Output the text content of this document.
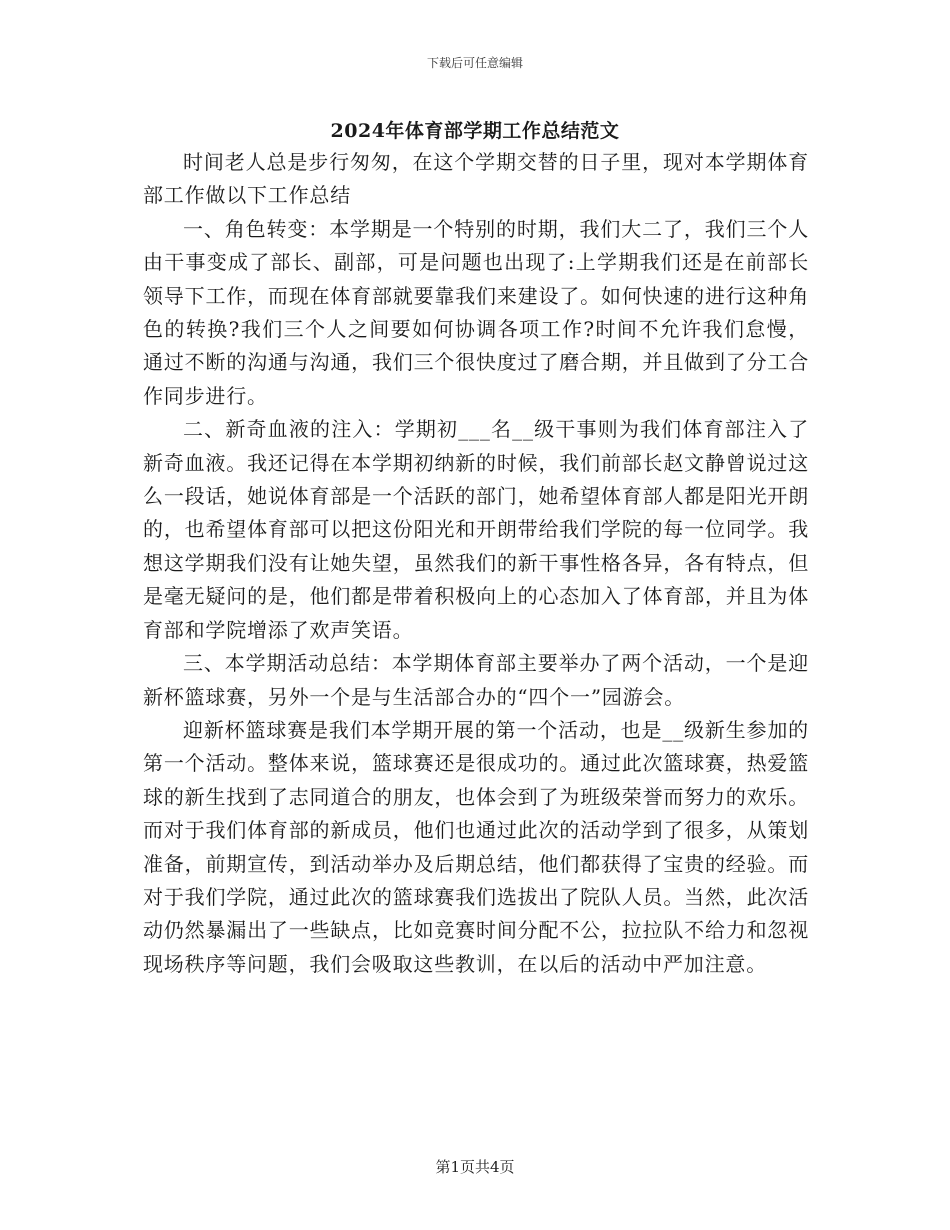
下载后可任意编辑
2024年体育部学期工作总结范文

时间老人总是步行匆匆，在这个学期交替的日子里，现对本学期体育部工作做以下工作总结

一、角色转变：本学期是一个特别的时期，我们大二了，我们三个人由干事变成了部长、副部，可是问题也出现了:上学期我们还是在前部长领导下工作，而现在体育部就要靠我们来建设了。如何快速的进行这种角色的转换?我们三个人之间要如何协调各项工作?时间不允许我们怠慢，通过不断的沟通与沟通，我们三个很快度过了磨合期，并且做到了分工合作同步进行。

二、新奇血液的注入：学期初___名__级干事则为我们体育部注入了新奇血液。我还记得在本学期初纳新的时候，我们前部长赵文静曾说过这么一段话，她说体育部是一个活跃的部门，她希望体育部人都是阳光开朗的，也希望体育部可以把这份阳光和开朗带给我们学院的每一位同学。我想这学期我们没有让她失望，虽然我们的新干事性格各异，各有特点，但是毫无疑问的是，他们都是带着积极向上的心态加入了体育部，并且为体育部和学院增添了欢声笑语。

三、本学期活动总结：本学期体育部主要举办了两个活动，一个是迎新杯篮球赛，另外一个是与生活部合办的“四个一”园游会。

迎新杯篮球赛是我们本学期开展的第一个活动，也是__级新生参加的第一个活动。整体来说，篮球赛还是很成功的。通过此次篮球赛，热爱篮球的新生找到了志同道合的朋友，也体会到了为班级荣誉而努力的欢乐。而对于我们体育部的新成员，他们也通过此次的活动学到了很多，从策划准备，前期宣传，到活动举办及后期总结，他们都获得了宝贵的经验。而对于我们学院，通过此次的篮球赛我们选拔出了院队人员。当然，此次活动仍然暴漏出了一些缺点，比如竞赛时间分配不公，拉拉队不给力和忽视现场秩序等问题，我们会吸取这些教训，在以后的活动中严加注意。

第1页共4页
